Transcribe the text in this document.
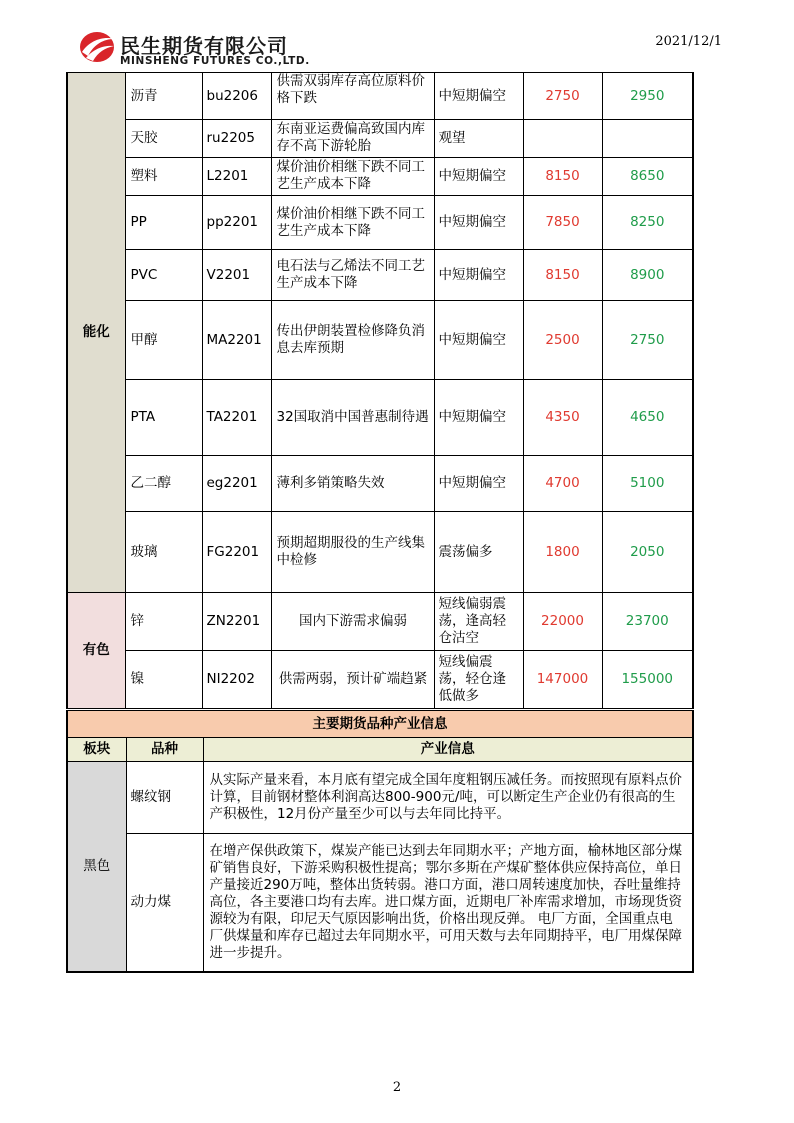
民生期货有限公司
MINSHENG FUTURES CO.,LTD.
2021/12/1
能化	沥青	bu2206	供需双弱库存高位原料价格下跌	中短期偏空	2750	2950
	天胶	ru2205	东南亚运费偏高致国内库存不高下游轮胎	观望		
	塑料	L2201	煤价油价相继下跌不同工艺生产成本下降	中短期偏空	8150	8650
	PP	pp2201	煤价油价相继下跌不同工艺生产成本下降	中短期偏空	7850	8250
	PVC	V2201	电石法与乙烯法不同工艺生产成本下降	中短期偏空	8150	8900
	甲醇	MA2201	传出伊朗装置检修降负消息去库预期	中短期偏空	2500	2750
	PTA	TA2201	32国取消中国普惠制待遇	中短期偏空	4350	4650
	乙二醇	eg2201	薄利多销策略失效	中短期偏空	4700	5100
	玻璃	FG2201	预期超期服役的生产线集中检修	震荡偏多	1800	2050
有色	锌	ZN2201	国内下游需求偏弱	短线偏弱震荡，逢高轻仓沽空	22000	23700
	镍	NI2202	供需两弱，预计矿端趋紧	短线偏震荡，轻仓逢低做多	147000	155000
主要期货品种产业信息		
板块	品种	产业信息
黑色	螺纹钢	从实际产量来看，本月底有望完成全国年度粗钢压减任务。而按照现有原料点价计算，目前钢材整体利润高达800-900元/吨，可以断定生产企业仍有很高的生产积极性，12月份产量至少可以与去年同比持平。
	动力煤	在增产保供政策下，煤炭产能已达到去年同期水平；产地方面，榆林地区部分煤矿销售良好，下游采购积极性提高；鄂尔多斯在产煤矿整体供应保持高位，单日产量接近290万吨，整体出货转弱。港口方面，港口周转速度加快，吞吐量维持高位，各主要港口均有去库。进口煤方面，近期电厂补库需求增加，市场现货资源较为有限，印尼天气原因影响出货，价格出现反弹。 电厂方面，全国重点电厂供煤量和库存已超过去年同期水平，可用天数与去年同期持平，电厂用煤保障进一步提升。
2
